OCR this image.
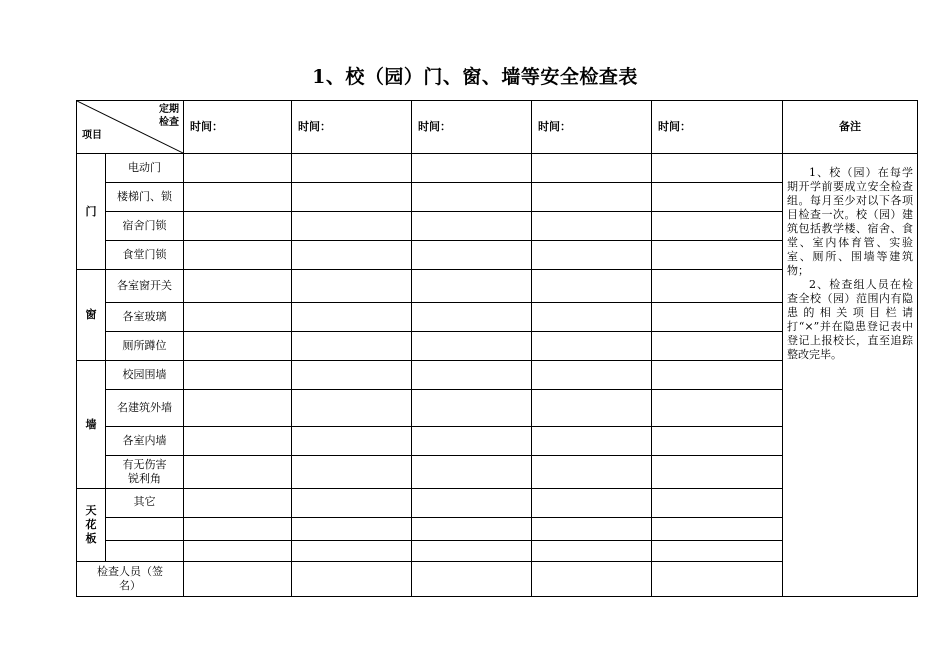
1、校（园）门、窗、墙等安全检查表
定期
检查
项目		时间：	时间：	时间：	时间：	时间：	备注
门	电动门						1、校（园）在每学期开学前要成立安全检查组。每月至少对以下各项目检查一次。校（园）建筑包括教学楼、宿舍、食堂、室内体育管、实验室、厕所、围墙等建筑物；

2、检查组人员在检查全校（园）范围内有隐患的相关项目栏请打“×”并在隐患登记表中登记上报校长，直至追踪整改完毕。

	楼梯门、锁						
	宿舍门锁						
	食堂门锁						
窗	各室窗开关						
	各室玻璃						
	厕所蹲位						
墙	校园围墙						
	名建筑外墙						
	各室内墙						
	有无伤害锐利角						
天花板	其它						

检查人员（签名）							
